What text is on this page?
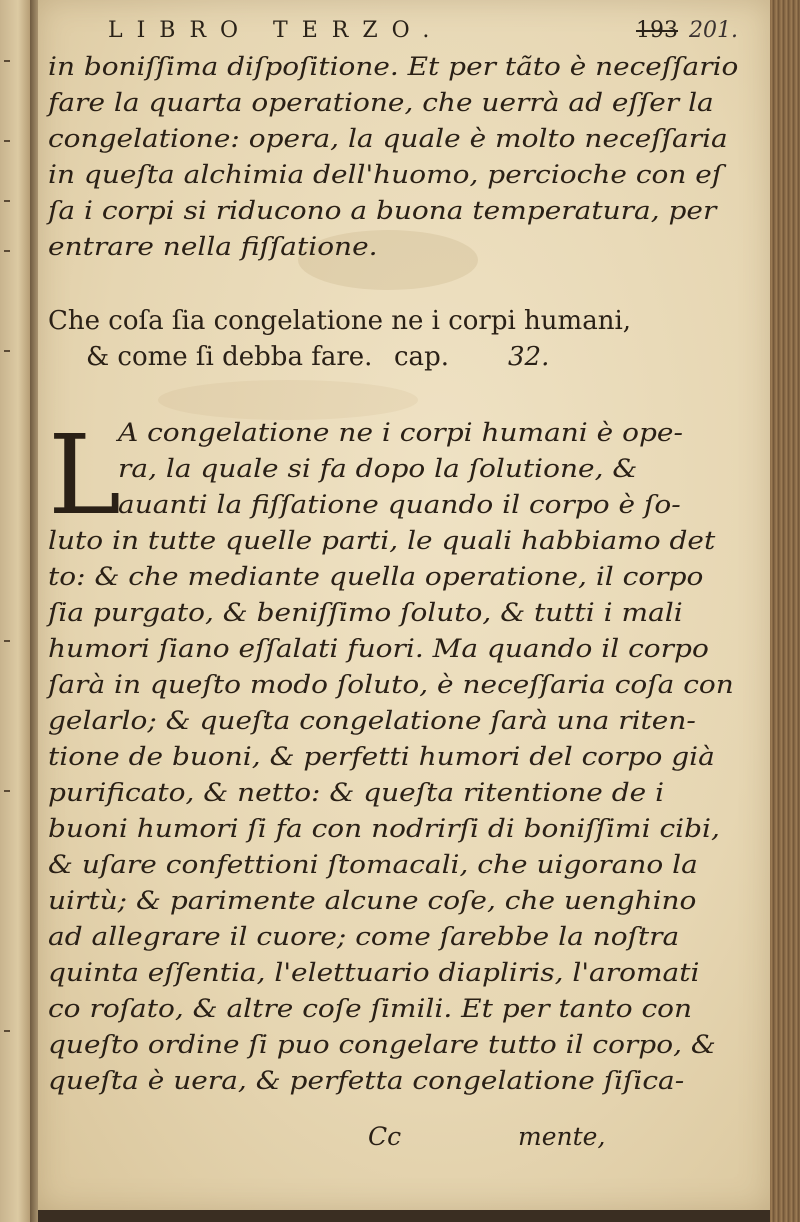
LIBRO TERZO.	193 201.
in boniſſima diſpoſitione. Et per tãto è neceſſario
fare la quarta operatione, che uerrà ad eſſer la
congelatione: opera, la quale è molto neceſſaria
in queſta alchimia dell'huomo, percioche con eſ
ſa i corpi si riducono a buona temperatura, per
entrare nella fiſſatione.
Che coſa ſia congelatione ne i corpi humani,
& come ſi debba fare. cap. 32.
L
A congelatione ne i corpi humani è ope-
ra, la quale si fa dopo la ſolutione, &
auanti la fiſſatione quando il corpo è ſo-
luto in tutte quelle parti, le quali habbiamo det
to: & che mediante quella operatione, il corpo
ſia purgato, & beniſſimo ſoluto, & tutti i mali
humori ſiano eſſalati fuori. Ma quando il corpo
ſarà in queſto modo ſoluto, è neceſſaria coſa con
gelarlo; & queſta congelatione ſarà una riten-
tione de buoni, & perfetti humori del corpo già
purificato, & netto: & queſta ritentione de i
buoni humori ſi fa con nodrirſi di boniſſimi cibi,
& uſare confettioni ſtomacali, che uigorano la
uirtù; & parimente alcune coſe, che uenghino
ad allegrare il cuore; come ſarebbe la noſtra
quinta eſſentia, l'elettuario diapliris, l'aromati
co roſato, & altre coſe ſimili. Et per tanto con
queſto ordine ſi puo congelare tutto il corpo, &
queſta è uera, & perfetta congelatione ſiſica-
Cc	mente,
